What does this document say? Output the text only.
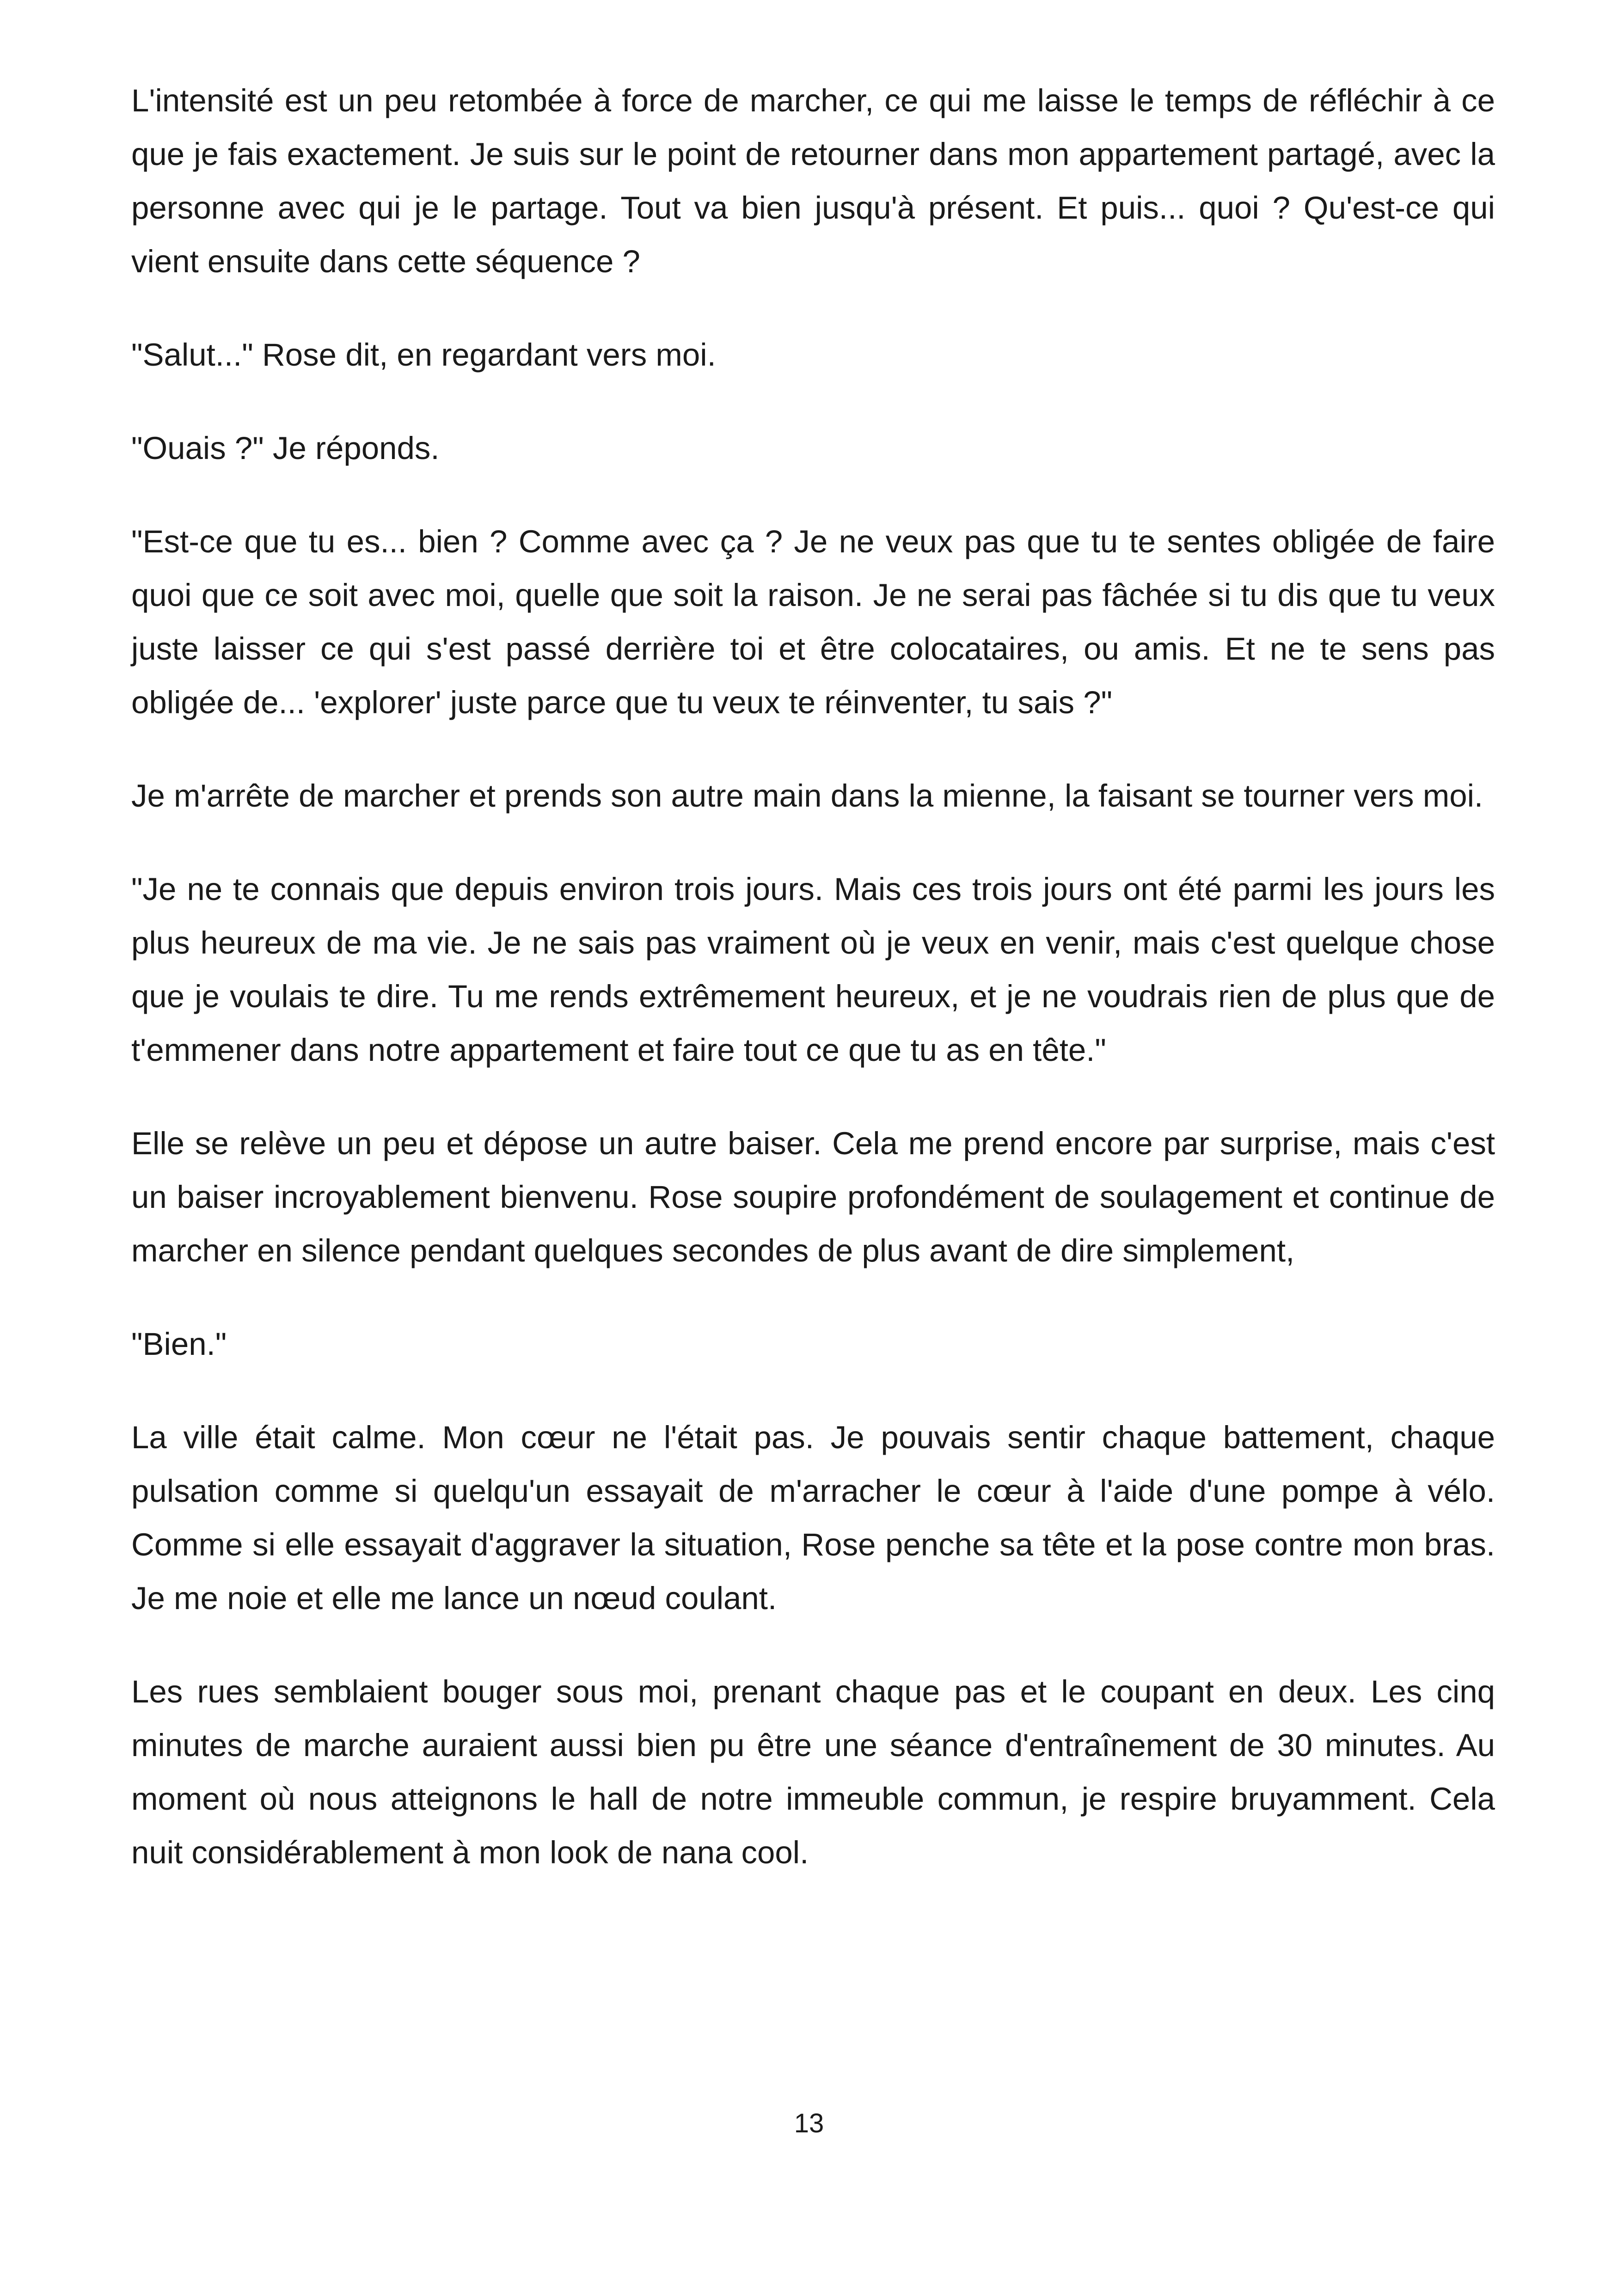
L'intensité est un peu retombée à force de marcher, ce qui me laisse le temps de réfléchir à ce que je fais exactement. Je suis sur le point de retourner dans mon appartement partagé, avec la personne avec qui je le partage. Tout va bien jusqu'à présent. Et puis... quoi ? Qu'est-ce qui vient ensuite dans cette séquence ?

"Salut..." Rose dit, en regardant vers moi.

"Ouais ?" Je réponds.

"Est-ce que tu es... bien ? Comme avec ça ? Je ne veux pas que tu te sentes obligée de faire quoi que ce soit avec moi, quelle que soit la raison. Je ne serai pas fâchée si tu dis que tu veux juste laisser ce qui s'est passé derrière toi et être colocataires, ou amis. Et ne te sens pas obligée de... 'explorer' juste parce que tu veux te réinventer, tu sais ?"

Je m'arrête de marcher et prends son autre main dans la mienne, la faisant se tourner vers moi.

"Je ne te connais que depuis environ trois jours. Mais ces trois jours ont été parmi les jours les plus heureux de ma vie. Je ne sais pas vraiment où je veux en venir, mais c'est quelque chose que je voulais te dire. Tu me rends extrêmement heureux, et je ne voudrais rien de plus que de t'emmener dans notre appartement et faire tout ce que tu as en tête."

Elle se relève un peu et dépose un autre baiser. Cela me prend encore par surprise, mais c'est un baiser incroyablement bienvenu. Rose soupire profondément de soulagement et continue de marcher en silence pendant quelques secondes de plus avant de dire simplement,

"Bien."

La ville était calme. Mon cœur ne l'était pas. Je pouvais sentir chaque battement, chaque pulsation comme si quelqu'un essayait de m'arracher le cœur à l'aide d'une pompe à vélo. Comme si elle essayait d'aggraver la situation, Rose penche sa tête et la pose contre mon bras. Je me noie et elle me lance un nœud coulant.

Les rues semblaient bouger sous moi, prenant chaque pas et le coupant en deux. Les cinq minutes de marche auraient aussi bien pu être une séance d'entraînement de 30 minutes. Au moment où nous atteignons le hall de notre immeuble commun, je respire bruyamment. Cela nuit considérablement à mon look de nana cool.

13
